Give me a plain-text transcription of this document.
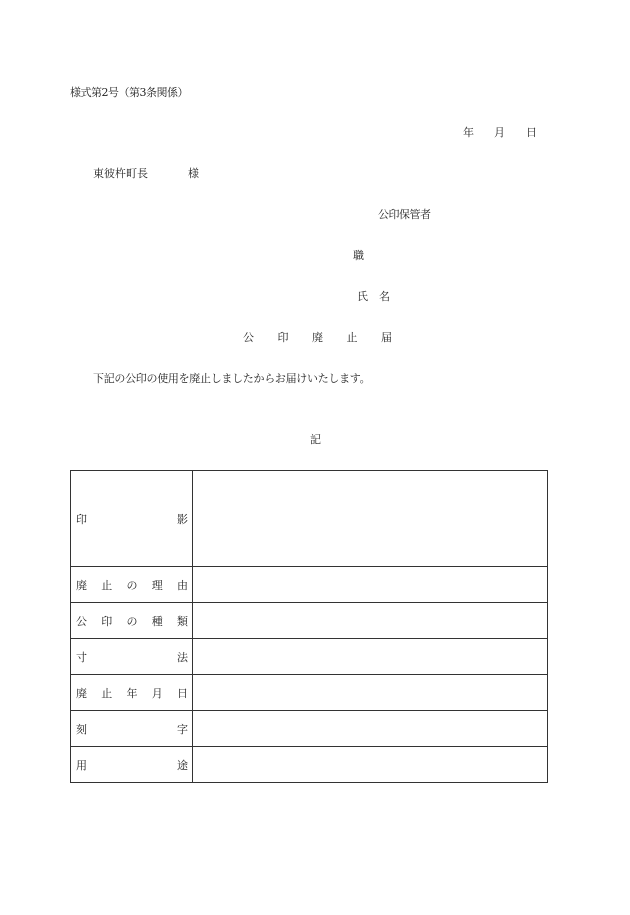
様式第2号（第3条関係）
年	月	日
東彼杵町長	様
公印保管者
職
氏名
公	印	廃	止	届
下記の公印の使用を廃止しましたからお届けいたします。
記
印 影	

廃 止 の 理 由	

公 印 の 種 類	

寸 法	

廃 止 年 月 日	

刻 字	

用 途	
